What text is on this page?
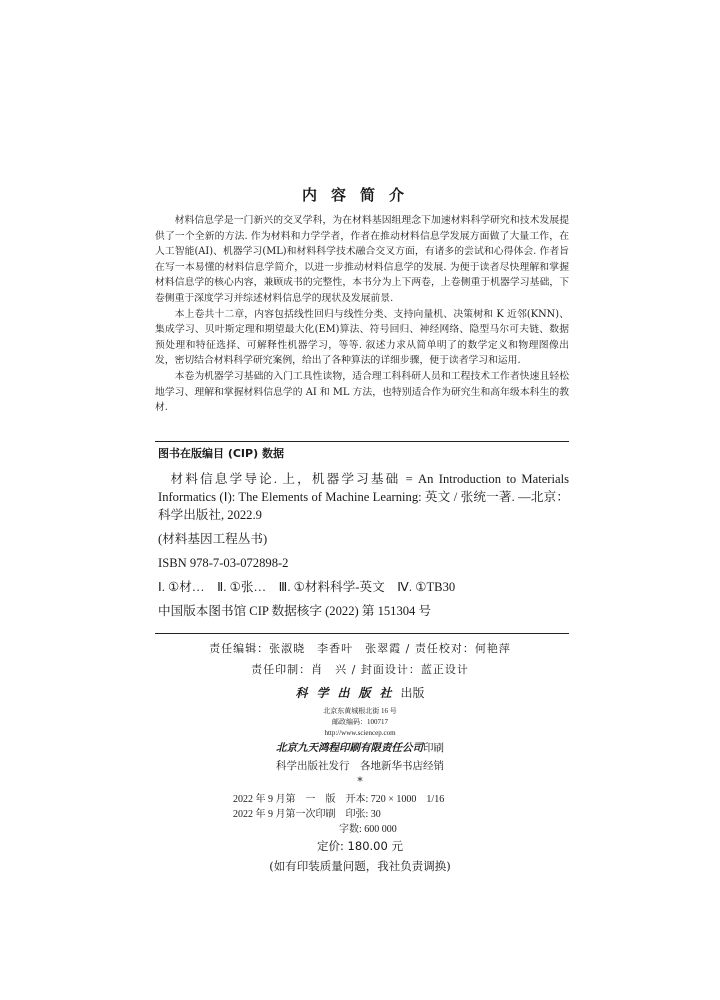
内容简介

材料信息学是一门新兴的交叉学科，为在材料基因组理念下加速材料科学研究和技术发展提供了一个全新的方法. 作为材料和力学学者，作者在推动材料信息学发展方面做了大量工作，在人工智能(AI)、机器学习(ML)和材料科学技术融合交叉方面，有诸多的尝试和心得体会. 作者旨在写一本易懂的材料信息学简介，以进一步推动材料信息学的发展. 为便于读者尽快理解和掌握材料信息学的核心内容，兼顾成书的完整性，本书分为上下两卷，上卷侧重于机器学习基础，下卷侧重于深度学习并综述材料信息学的现状及发展前景.

本上卷共十二章，内容包括线性回归与线性分类、支持向量机、决策树和 K 近邻(KNN)、集成学习、贝叶斯定理和期望最大化(EM)算法、符号回归、神经网络、隐型马尔可夫链、数据预处理和特征选择、可解释性机器学习，等等. 叙述力求从简单明了的数学定义和物理图像出发，密切结合材料科学研究案例，给出了各种算法的详细步骤，便于读者学习和运用.

本卷为机器学习基础的入门工具性读物，适合理工科科研人员和工程技术工作者快速且轻松地学习、理解和掌握材料信息学的 AI 和 ML 方法，也特别适合作为研究生和高年级本科生的教材.

图书在版编目 (CIP) 数据

材料信息学导论. 上，机器学习基础 = An Introduction to Materials Informatics (Ⅰ): The Elements of Machine Learning: 英文 / 张统一著. —北京：科学出版社, 2022.9

(材料基因工程丛书)

ISBN 978-7-03-072898-2

Ⅰ. ①材…　Ⅱ. ①张…　Ⅲ. ①材料科学-英文　Ⅳ. ①TB30

中国版本图书馆 CIP 数据核字 (2022) 第 151304 号

责任编辑：张淑晓　李香叶　张翠霞 / 责任校对：何艳萍
责任印制：肖　兴 / 封面设计：蓝正设计
科学出版社出版
北京东黄城根北街 16 号
邮政编码：100717
http://www.sciencep.com
北京九天鸿程印刷有限责任公司印刷
科学出版社发行　各地新华书店经销
*
2022 年 9 月第　一　版　开本: 720 × 1000　1/16
2022 年 9 月第一次印刷　印张: 30
字数: 600 000
定价: 180.00 元
(如有印装质量问题，我社负责调换)
